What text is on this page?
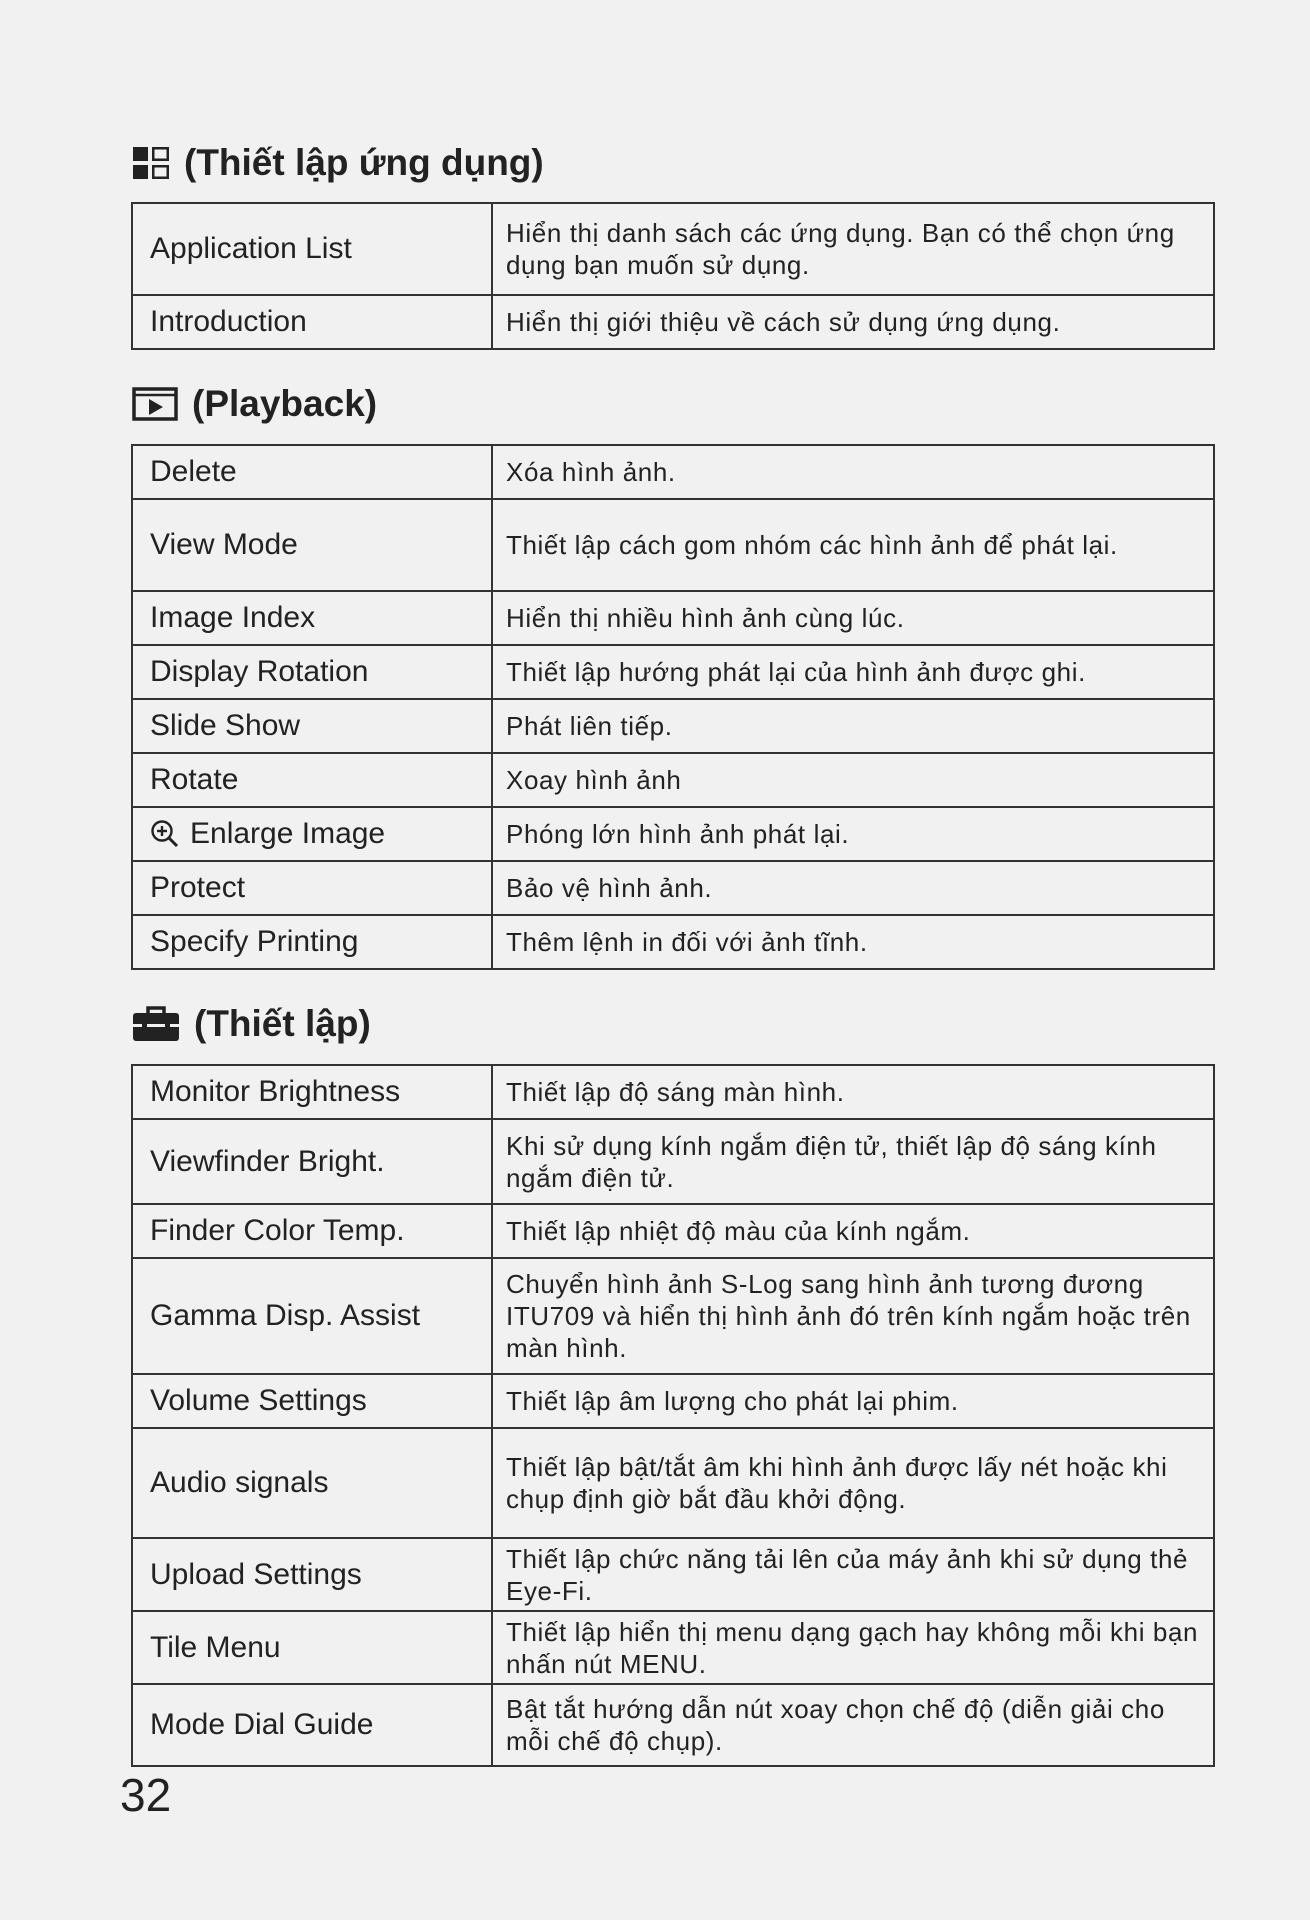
(Thiết lập ứng dụng)
Application List	Hiển thị danh sách các ứng dụng. Bạn có thể chọn ứng dụng bạn muốn sử dụng.
Introduction	Hiển thị giới thiệu về cách sử dụng ứng dụng.
(Playback)
Delete	Xóa hình ảnh.
View Mode	Thiết lập cách gom nhóm các hình ảnh để phát lại.
Image Index	Hiển thị nhiều hình ảnh cùng lúc.
Display Rotation	Thiết lập hướng phát lại của hình ảnh được ghi.
Slide Show	Phát liên tiếp.
Rotate	Xoay hình ảnh

Enlarge Image	Phóng lớn hình ảnh phát lại.
Protect	Bảo vệ hình ảnh.
Specify Printing	Thêm lệnh in đối với ảnh tĩnh.
(Thiết lập)
Monitor Brightness	Thiết lập độ sáng màn hình.
Viewfinder Bright.	Khi sử dụng kính ngắm điện tử, thiết lập độ sáng kính ngắm điện tử.
Finder Color Temp.	Thiết lập nhiệt độ màu của kính ngắm.
Gamma Disp. Assist	Chuyển hình ảnh S-Log sang hình ảnh tương đương ITU709 và hiển thị hình ảnh đó trên kính ngắm hoặc trên màn hình.
Volume Settings	Thiết lập âm lượng cho phát lại phim.
Audio signals	Thiết lập bật/tắt âm khi hình ảnh được lấy nét hoặc khi chụp định giờ bắt đầu khởi động.
Upload Settings	Thiết lập chức năng tải lên của máy ảnh khi sử dụng thẻ Eye-Fi.
Tile Menu	Thiết lập hiển thị menu dạng gạch hay không mỗi khi bạn nhấn nút MENU.
Mode Dial Guide	Bật tắt hướng dẫn nút xoay chọn chế độ (diễn giải cho mỗi chế độ chụp).
32
